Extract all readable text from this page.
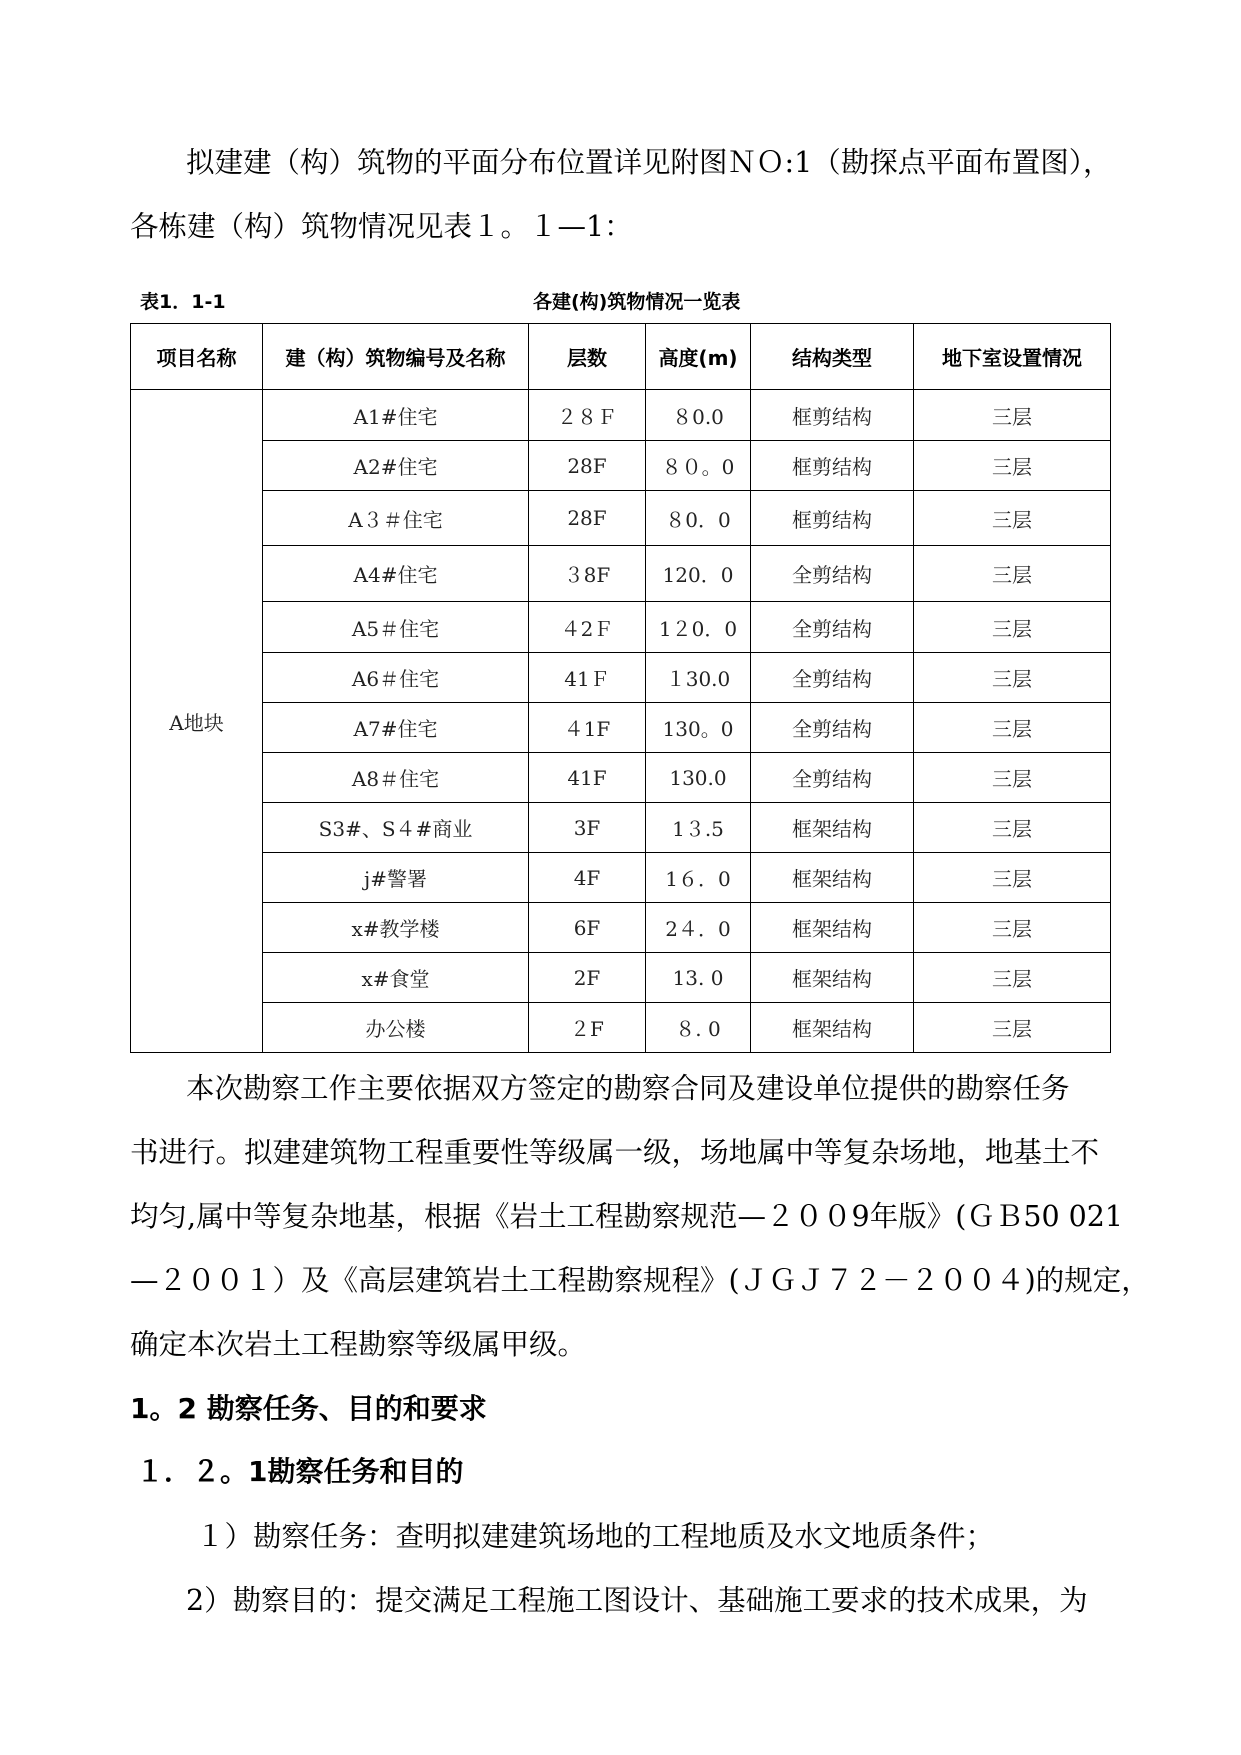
拟建建（构）筑物的平面分布位置详见附图ＮＯ:1（勘探点平面布置图），
各栋建（构）筑物情况见表１。１—1：
表1．1-1	各建(构)筑物情况一览表
项目名称	建（构）筑物编号及名称	层数	高度(m)	结构类型	地下室设置情况
A地块	A1#住宅	２８Ｆ	８0.0	框剪结构	三层
	A2#住宅	28F	８０。0	框剪结构	三层
	A３＃住宅	28F	８0．0	框剪结构	三层
	A4#住宅	３8F	120．0	全剪结构	三层
	A5＃住宅	４2Ｆ	1２0．0	全剪结构	三层
	A6＃住宅	41Ｆ	１30.0	全剪结构	三层
	A7#住宅	４1F	130。0	全剪结构	三层
	A8＃住宅	41F	130.0	全剪结构	三层
	S3#、S４#商业	3F	1３.5	框架结构	三层
	j#警署	4F	1６．0	框架结构	三层
	x#教学楼	6F	2４．0	框架结构	三层
	x#食堂	2F	13. 0	框架结构	三层
	办公楼	２F	８. 0	框架结构	三层
本次勘察工作主要依据双方签定的勘察合同及建设单位提供的勘察任务
书进行。拟建建筑物工程重要性等级属一级，场地属中等复杂场地，地基土不
均匀,属中等复杂地基，根据《岩土工程勘察规范—２００9年版》(ＧＢ50 021
—２００１）及《高层建筑岩土工程勘察规程》(ＪＧＪ７２－２００４)的规定，
确定本次岩土工程勘察等级属甲级。
1。2 勘察任务、目的和要求
１．２。1勘察任务和目的
１）勘察任务：查明拟建建筑场地的工程地质及水文地质条件；
2）勘察目的：提交满足工程施工图设计、基础施工要求的技术成果，为
